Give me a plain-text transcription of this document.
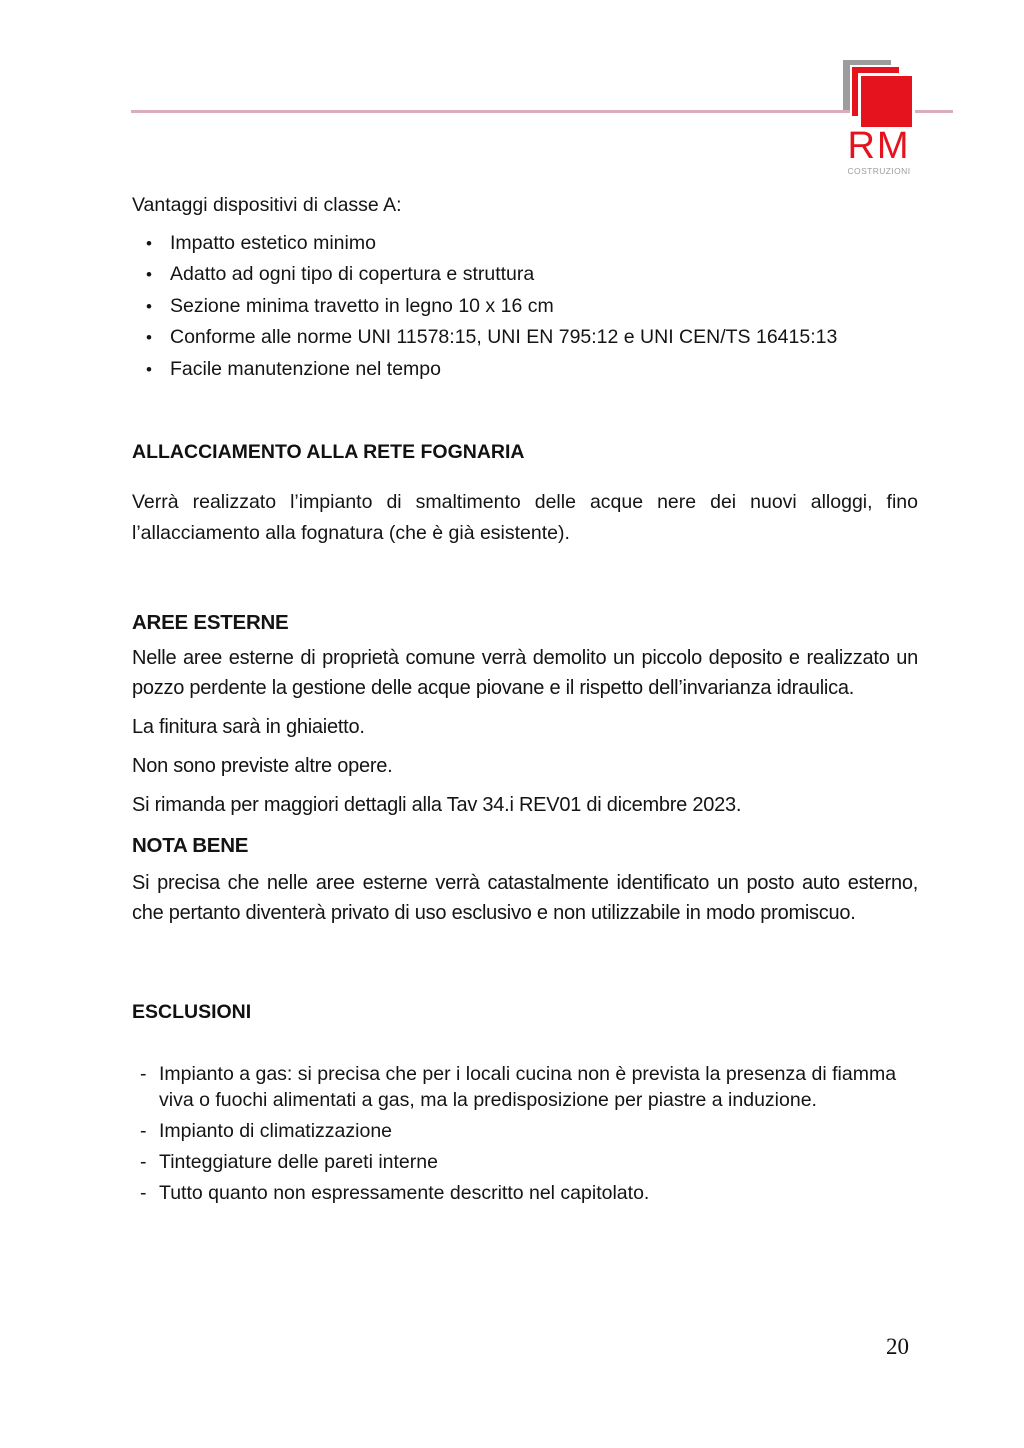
RM
COSTRUZIONI

Vantaggi dispositivi di classe A:

• Impatto estetico minimo
• Adatto ad ogni tipo di copertura e struttura
• Sezione minima travetto in legno 10 x 16 cm
• Conforme alle norme UNI 11578:15, UNI EN 795:12 e UNI CEN/TS 16415:13
• Facile manutenzione nel tempo
ALLACCIAMENTO ALLA RETE FOGNARIA

Verrà realizzato l’impianto di smaltimento delle acque nere dei nuovi alloggi, fino l’allacciamento alla fognatura (che è già esistente).

AREE ESTERNE

Nelle aree esterne di proprietà comune verrà demolito un piccolo deposito e realizzato un pozzo perdente la gestione delle acque piovane e il rispetto dell’invarianza idraulica.

La finitura sarà in ghiaietto.

Non sono previste altre opere.

Si rimanda per maggiori dettagli alla Tav 34.i REV01 di dicembre 2023.

NOTA BENE

Si precisa che nelle aree esterne verrà catastalmente identificato un posto auto esterno, che pertanto diventerà privato di uso esclusivo e non utilizzabile in modo promiscuo.

ESCLUSIONI
- Impianto a gas: si precisa che per i locali cucina non è prevista la presenza di fiamma viva o fuochi alimentati a gas, ma la predisposizione per piastre a induzione.
- Impianto di climatizzazione
- Tinteggiature delle pareti interne
- Tutto quanto non espressamente descritto nel capitolato.
20
